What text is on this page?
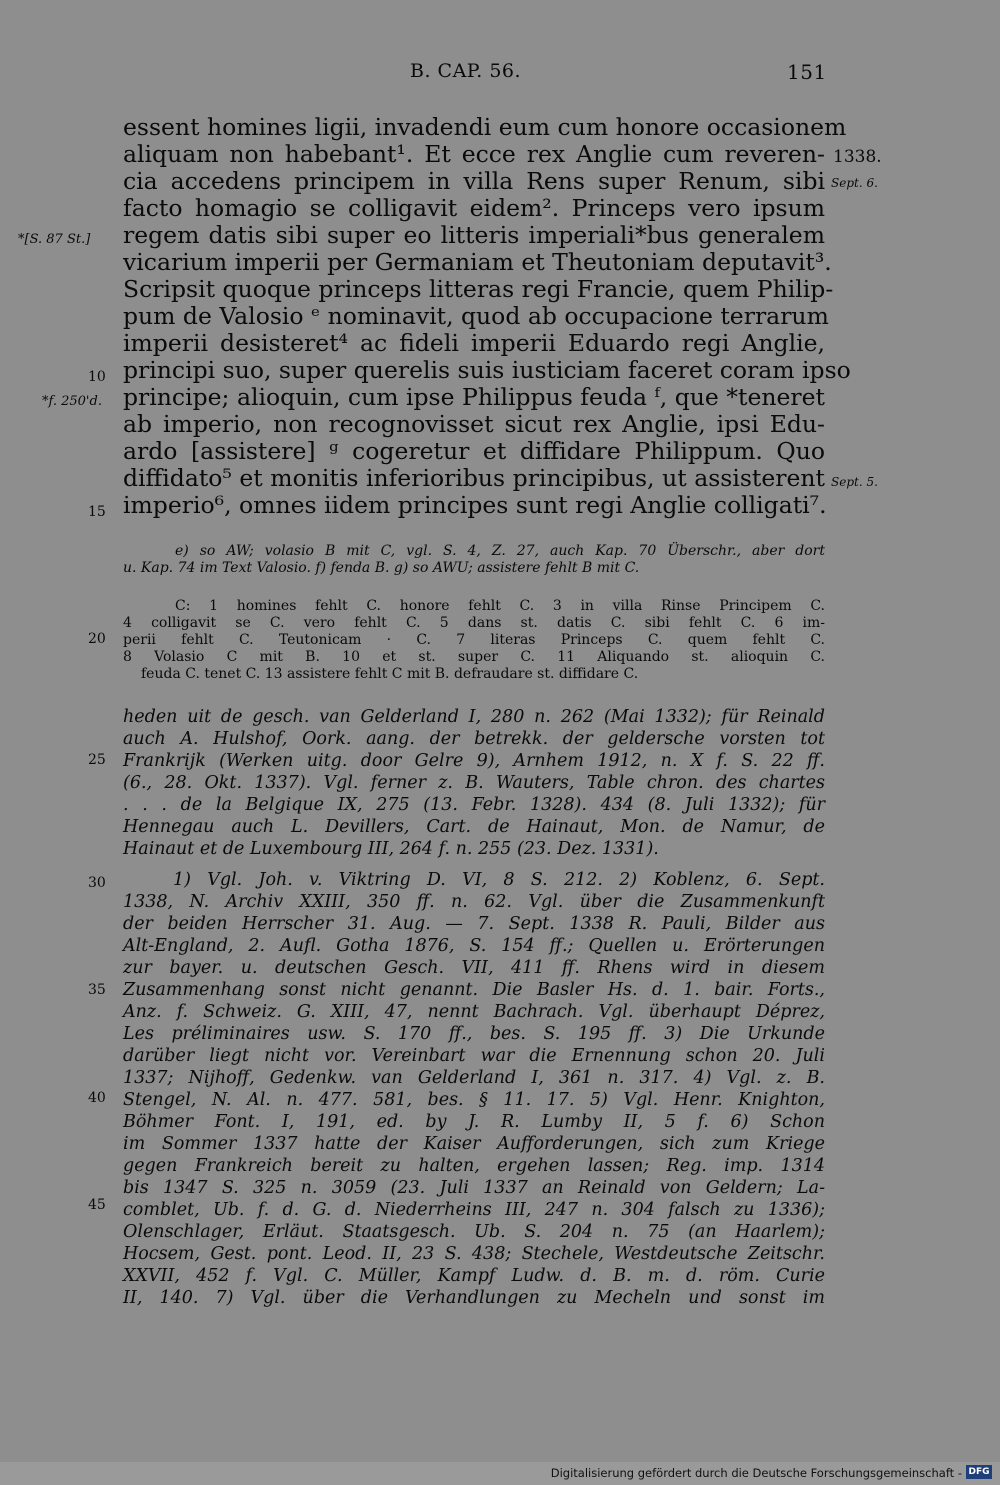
B. CAP. 56.	151
1338.
Sept. 6.
Sept. 5.
*[S. 87 St.]
*f. 250'd.
10
15
20
25
30
35
40
45
essent homines ligii, invadendi eum cum honore occasionem
aliquam non habebant¹. Et ecce rex Anglie cum reveren-
cia accedens principem in villa Rens super Renum, sibi
facto homagio se colligavit eidem². Princeps vero ipsum
regem datis sibi super eo litteris imperiali*bus generalem
vicarium imperii per Germaniam et Theutoniam deputavit³.
Scripsit quoque princeps litteras regi Francie, quem Philip-
pum de Valosio ᵉ nominavit, quod ab occupacione terrarum
imperii desisteret⁴ ac fideli imperii Eduardo regi Anglie,
principi suo, super querelis suis iusticiam faceret coram ipso
principe; alioquin, cum ipse Philippus feuda ᶠ, que *teneret
ab imperio, non recognovisset sicut rex Anglie, ipsi Edu-
ardo [assistere] ᵍ cogeretur et diffidare Philippum. Quo
diffidato⁵ et monitis inferioribus principibus, ut assisterent
imperio⁶, omnes iidem principes sunt regi Anglie colligati⁷.
e) so AW; volasio B mit C, vgl. S. 4, Z. 27, auch Kap. 70 Überschr., aber dort
u. Kap. 74 im Text Valosio. f) fenda B. g) so AWU; assistere fehlt B mit C.
C: 1 homines fehlt C. honore fehlt C. 3 in villa Rinse Principem C.
4 colligavit se C. vero fehlt C. 5 dans st. datis C. sibi fehlt C. 6 im-
perii fehlt C. Teutonicam · C. 7 literas Princeps C. quem fehlt C.
8 Volasio C mit B. 10 et st. super C. 11 Aliquando st. alioquin C.
feuda C. tenet C. 13 assistere fehlt C mit B. defraudare st. diffidare C.
heden uit de gesch. van Gelderland I, 280 n. 262 (Mai 1332); für Reinald
auch A. Hulshof, Oork. aang. der betrekk. der geldersche vorsten tot
Frankrijk (Werken uitg. door Gelre 9), Arnhem 1912, n. X f. S. 22 ff.
(6., 28. Okt. 1337). Vgl. ferner z. B. Wauters, Table chron. des chartes
. . . de la Belgique IX, 275 (13. Febr. 1328). 434 (8. Juli 1332); für
Hennegau auch L. Devillers, Cart. de Hainaut, Mon. de Namur, de
Hainaut et de Luxembourg III, 264 f. n. 255 (23. Dez. 1331).
1) Vgl. Joh. v. Viktring D. VI, 8 S. 212. 2) Koblenz, 6. Sept.
1338, N. Archiv XXIII, 350 ff. n. 62. Vgl. über die Zusammenkunft
der beiden Herrscher 31. Aug. — 7. Sept. 1338 R. Pauli, Bilder aus
Alt-England, 2. Aufl. Gotha 1876, S. 154 ff.; Quellen u. Erörterungen
zur bayer. u. deutschen Gesch. VII, 411 ff. Rhens wird in diesem
Zusammenhang sonst nicht genannt. Die Basler Hs. d. 1. bair. Forts.,
Anz. f. Schweiz. G. XIII, 47, nennt Bachrach. Vgl. überhaupt Déprez,
Les préliminaires usw. S. 170 ff., bes. S. 195 ff. 3) Die Urkunde
darüber liegt nicht vor. Vereinbart war die Ernennung schon 20. Juli
1337; Nijhoff, Gedenkw. van Gelderland I, 361 n. 317. 4) Vgl. z. B.
Stengel, N. Al. n. 477. 581, bes. § 11. 17. 5) Vgl. Henr. Knighton,
Böhmer Font. I, 191, ed. by J. R. Lumby II, 5 f. 6) Schon
im Sommer 1337 hatte der Kaiser Aufforderungen, sich zum Kriege
gegen Frankreich bereit zu halten, ergehen lassen; Reg. imp. 1314
bis 1347 S. 325 n. 3059 (23. Juli 1337 an Reinald von Geldern; La-
comblet, Ub. f. d. G. d. Niederrheins III, 247 n. 304 falsch zu 1336);
Olenschlager, Erläut. Staatsgesch. Ub. S. 204 n. 75 (an Haarlem);
Hocsem, Gest. pont. Leod. II, 23 S. 438; Stechele, Westdeutsche Zeitschr.
XXVII, 452 f. Vgl. C. Müller, Kampf Ludw. d. B. m. d. röm. Curie
II, 140. 7) Vgl. über die Verhandlungen zu Mecheln und sonst im
Digitalisierung gefördert durch die Deutsche Forschungsgemeinschaft - DFG
